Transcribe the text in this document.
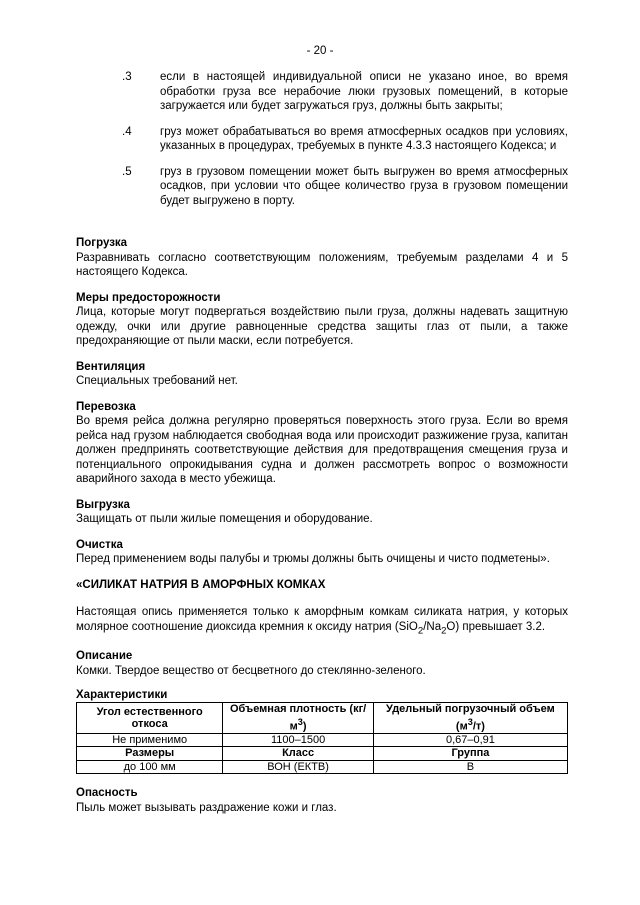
- 20 -
.3	если в настоящей индивидуальной описи не указано иное, во время обработки груза все нерабочие люки грузовых помещений, в которые загружается или будет загружаться груз, должны быть закрыты;
.4	груз может обрабатываться во время атмосферных осадков при условиях, указанных в процедурах, требуемых в пункте 4.3.3 настоящего Кодекса; и
.5	груз в грузовом помещении может быть выгружен во время атмосферных осадков, при условии что общее количество груза в грузовом помещении будет выгружено в порту.
Погрузка
Разравнивать согласно соответствующим положениям, требуемым разделами 4 и 5 настоящего Кодекса.
Меры предосторожности
Лица, которые могут подвергаться воздействию пыли груза, должны надевать защитную одежду, очки или другие равноценные средства защиты глаз от пыли, а также предохраняющие от пыли маски, если потребуется.
Вентиляция
Специальных требований нет.
Перевозка
Во время рейса должна регулярно проверяться поверхность этого груза. Если во время рейса над грузом наблюдается свободная вода или происходит разжижение груза, капитан должен предпринять соответствующие действия для предотвращения смещения груза и потенциального опрокидывания судна и должен рассмотреть вопрос о возможности аварийного захода в место убежища.
Выгрузка
Защищать от пыли жилые помещения и оборудование.
Очистка
Перед применением воды палубы и трюмы должны быть очищены и чисто подметены».
«СИЛИКАТ НАТРИЯ В АМОРФНЫХ КОМКАХ
Настоящая опись применяется только к аморфным комкам силиката натрия, у которых молярное соотношение диоксида кремния к оксиду натрия $(SiO_2/Na_2O)$ превышает 3.2.
Описание
Комки. Твердое вещество от бесцветного до стеклянно-зеленого.
Характеристики
Угол естественного откоса	Объемная плотность $(кг/м^3)$	Удельный погрузочный объем $(м^3/т)$
Не применимо	1100–1500	0,67–0,91
Размеры	Класс	Группа
до 100 мм	ВОН (ЕКТВ)	В
Опасность
Пыль может вызывать раздражение кожи и глаз.
